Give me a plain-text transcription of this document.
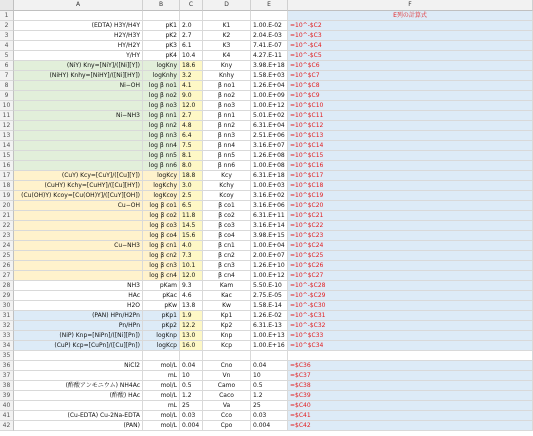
A	B	C	D	E	F
1	E列の計算式
2	(EDTA) H3Y/H4Y	pK1 2.0	K1	1.00.E-02	=10^-$C2
3	H2Y/H3Y	pK2 2.7	K2	2.04.E-03	=10^-$C3
4	HY/H2Y	pK3 6.1	K3	7.41.E-07	=10^-$C4
5	Y/HY	pK4 10.4	K4	4.27.E-11	=10^-$C5
6	(NiY) Kny=[NiY]/([Ni][Y])	logKny 18.6	Kny	3.98.E+18 =10^$C6
7	(NiHY) Knhy=[NiHY]/([Ni][HY])	logKnhy 3.2	Knhy	1.58.E+03 =10^$C7
8	Ni−OH	log β no1 4.1	β no1	1.26.E+04 =10^$C8
9	log β no2 9.0	β no2	1.00.E+09 =10^$C9
10	log β no3 12.0	β no3	1.00.E+12 =10^$C10
11	Ni−NH3	log β nn1 2.7	β nn1	5.01.E+02 =10^$C11
12	log β nn2 4.8	β nn2	6.31.E+04 =10^$C12
13	log β nn3 6.4	β nn3	2.51.E+06 =10^$C13
14	log β nn4 7.5	β nn4	3.16.E+07 =10^$C14
15	log β nn5 8.1	β nn5	1.26.E+08 =10^$C15
16	log β nn6 8.0	β nn6	1.00.E+08 =10^$C16
17	(CuY) Kcy=[CuY]/([Cu][Y])	logKcy 18.8	Kcy	6.31.E+18 =10^$C17
18	(CuHY) Kchy=[CuHY]/([Cu][HY])	logKchy 3.0	Kchy	1.00.E+03 =10^$C18
19	(Cu(OH)Y) Kcoy=[Cu(OH)Y]/([CuY][OH])	logKcoy 2.5	Kcoy	3.16.E+02 =10^$C19
20	Cu−OH	log β co1 6.5	β co1	3.16.E+06 =10^$C20
21	log β co2 11.8	β co2	6.31.E+11 =10^$C21
22	log β co3 14.5	β co3	3.16.E+14 =10^$C22
23	log β co4 15.6	β co4	3.98.E+15 =10^$C23
24	Cu−NH3	log β cn1 4.0	β cn1	1.00.E+04 =10^$C24
25	log β cn2 7.3	β cn2	2.00.E+07 =10^$C25
26	log β cn3 10.1	β cn3	1.26.E+10 =10^$C26
27	log β cn4 12.0	β cn4	1.00.E+12 =10^$C27
28	NH3	pKam 9.3	Kam	5.50.E-10	=10^-$C28
29	HAc	pKac 4.6	Kac	2.75.E-05	=10^-$C29
30	H2O	pKw 13.8	Kw	1.58.E-14	=10^-$C30
31	(PAN) HPn/H2Pn	pKp1 1.9	Kp1	1.26.E-02	=10^-$C31
32	Pn/HPn	pKp2 12.2	Kp2	6.31.E-13	=10^-$C32
33	(NiP) Knp=[NiPn]/([Ni][Pn])	logKnp 13.0	Knp	1.00.E+13 =10^$C33
34	(CuP) Kcp=[CuPn]/([Cu][Pn])	logKcp 16.0	Kcp	1.00.E+16 =10^$C34
35
36	NiCl2	mol/L 0.04	Cno	0.04	=$C36
37	mL 10	Vn	10	=$C37
38	(酢酸アンモニウム) NH4Ac	mol/L 0.5	Camo	0.5	=$C38
39	(酢酸) HAc	mol/L 1.2	Caco	1.2	=$C39
40	mL 25	Va	25	=$C40
41	(Cu-EDTA) Cu-2Na-EDTA	mol/L 0.03	Cco	0.03	=$C41
42	(PAN)	mol/L 0.004	Cpo	0.004	=$C42
